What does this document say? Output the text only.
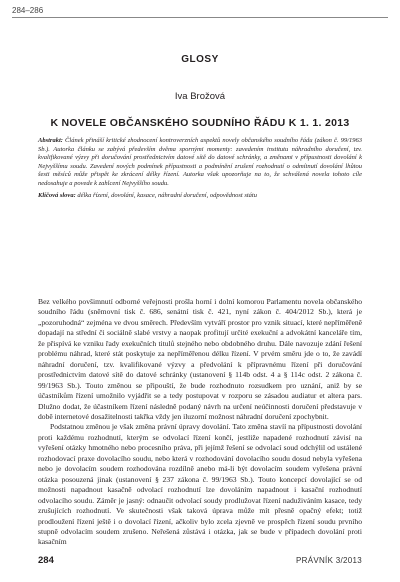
284–286
GLOSY
Iva Brožová
K NOVELE OBČANSKÉHO SOUDNÍHO ŘÁDU K 1. 1. 2013

Abstrakt: Článek přináší kritické zhodnocení kontroverzních aspektů novely občanského soudního řádu (zákon č. 99/1963 Sb.). Autorka článku se zabývá především dvěma spornými momenty: zavedením institutu náhradního doručení, tzv. kvalifikované výzvy při doručování prostřednictvím datové sítě do datové schránky, a změnami v přípustnosti dovolání k Nejvyššímu soudu. Zavedení nových podmínek přípustnosti a podmínění zrušení rozhodnutí o odmítnutí dovolání lhůtou šesti měsíců může přispět ke zkrácení délky řízení. Autorka však upozorňuje na to, že schválená novela tohoto cíle nedosahuje a povede k zahlcení Nejvyššího soudu.

Klíčová slova: délka řízení, dovolání, kasace, náhradní doručení, odpovědnost státu

Bez velkého povšimnutí odborné veřejnosti prošla horní i dolní komorou Parlamentu novela občanského soudního řádu (sněmovní tisk č. 686, senátní tisk č. 421, nyní zákon č. 404/2012 Sb.), která je „pozoruhodná“ zejména ve dvou směrech. Především vytváří prostor pro vznik situací, které nepříměřeně dopadají na střední či sociálně slabé vrstvy a naopak profitují určité exekuční a advokátní kanceláře tím, že přispívá ke vzniku řady exekučních titulů stejného nebo obdobného druhu. Dále navozuje zdání řešení problému náhrad, které stát poskytuje za nepříměřenou délku řízení. V prvém směru jde o to, že zavádí náhradní doručení, tzv. kvalifikované výzvy a předvolání k přípravnému řízení při doručování prostřednictvím datové sítě do datové schránky (ustanovení § 114b odst. 4 a § 114c odst. 2 zákona č. 99/1963 Sb.). Touto změnou se připouští, že bude rozhodnuto rozsudkem pro uznání, aniž by se účastníkům řízení umožnilo vyjádřit se a tedy postupovat v rozporu se zásadou audiatur et altera pars. Dlužno dodat, že účastníkem řízení následně podaný návrh na určení neúčinnosti doručení představuje v době internetové dosažitelnosti takřka vždy jen iluzorní možnost náhradní doručení zpochybnit.

Podstatnou změnou je však změna právní úpravy dovolání. Tato změna stavíí na přípustnosti dovolání proti každému rozhodnutí, kterým se odvolací řízení končí, jestliže napadené rozhodnutí závisí na vyřešení otázky hmotného nebo procesního práva, při jejímž řešení se odvolací soud odchýlil od ustálené rozhodovací praxe dovolacího soudu, nebo která v rozhodování dovolacího soudu dosud nebyla vyřešena nebo je dovolacím soudem rozhodována rozdílně anebo má-li být dovolacím soudem vyřešena právní otázka posouzená jinak (ustanovení § 237 zákona č. 99/1963 Sb.). Touto koncepcí dovolající se od možnosti napadnout kasačně odvolací rozhodnutí lze dovoláním napadnout i kasační rozhodnutí odvolacího soudu. Záměr je jasný: odnaučit odvolací soudy prodlužovat řízení naduživáním kasace, tedy zrušujících rozhodnutí. Ve skutečnosti však taková úprava může mít přesně opačný efekt; totiž prodloužení řízení ještě i o dovolací řízení, ačkoliv bylo zcela zjevně ve prospěch řízení soudu prvního stupně odvolacím soudem zrušeno. Neřešená zůstává i otázka, jak se bude v případech dovolání proti kasačním

284	PRÁVNÍK 3/2013
